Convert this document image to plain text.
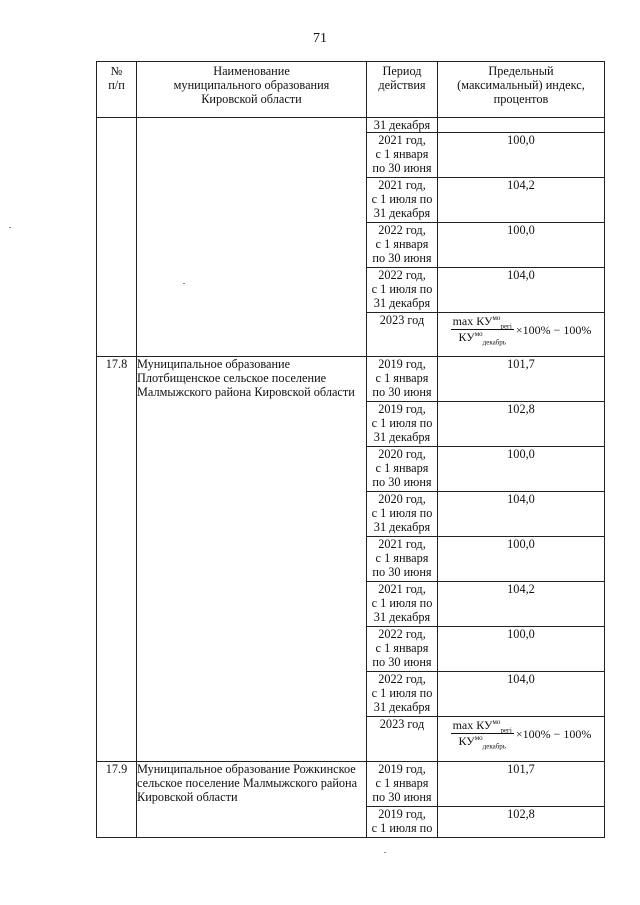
71
№
п/п	Наименование
муниципального образования
Кировской области	Период
действия	Предельный
(максимальный) индекс,
процентов
		31 декабря	
		2021 год,
с 1 января
по 30 июня	100,0
		2021 год,
с 1 июля по
31 декабря	104,2
		2022 год,
с 1 января
по 30 июня	100,0
		2022 год,
с 1 июля по
31 декабря	104,0
		2023 год	$\frac{\max КУ^{мо}_{регj}}{КУ^{мо}_{декабрь}} \times 100\% - 100\%$

17.8	Муниципальное образование Плотбищенское сельское поселение Малмыжского района Кировской области	2019 год,
с 1 января
по 30 июня	101,7
		2019 год,
с 1 июля по
31 декабря	102,8
		2020 год,
с 1 января
по 30 июня	100,0
		2020 год,
с 1 июля по
31 декабря	104,0
		2021 год,
с 1 января
по 30 июня	100,0
		2021 год,
с 1 июля по
31 декабря	104,2
		2022 год,
с 1 января
по 30 июня	100,0
		2022 год,
с 1 июля по
31 декабря	104,0
		2023 год	$\frac{\max КУ^{мо}_{регj}}{КУ^{мо}_{декабрь}} \times 100\% - 100\%$

17.9	Муниципальное образование Рожкинское сельское поселение Малмыжского района Кировской области	2019 год,
с 1 января
по 30 июня	101,7
		2019 год,
с 1 июля по	102,8
